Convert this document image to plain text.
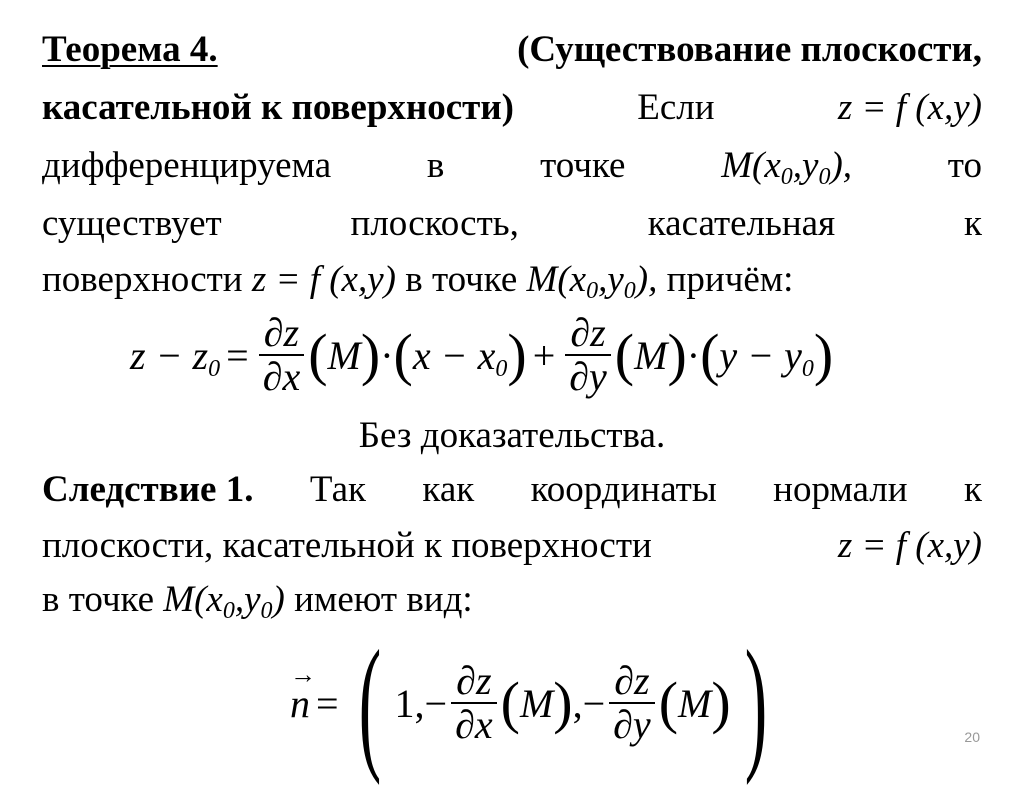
Теорема 4.	(Существование плоскости,
касательной к поверхности)	Если	z = f (x,y)
дифференцируема	в	точке	$M(x_0,y_0)$,	то
существует	плоскость,	касательная	к
поверхности z = f (x,y) в точке $M(x_0,y_0)$, причём:
$z - z_0 = \frac{\partial z}{\partial x}$ ( M ) · ( $x - x_0$ ) + $\frac{\partial z}{\partial y}$ ( M ) · ( $y - y_0$ )
Без доказательства.
Следствие 1. Так как координаты нормали к
плоскости, касательной к поверхности	z = f (x,y)
в точке $M(x_0,y_0)$ имеют вид:
→ n = ( $1,- \frac{\partial z}{\partial x}$ ( M ) ,− $\frac{\partial z}{\partial y}$ ( M ) )	20
